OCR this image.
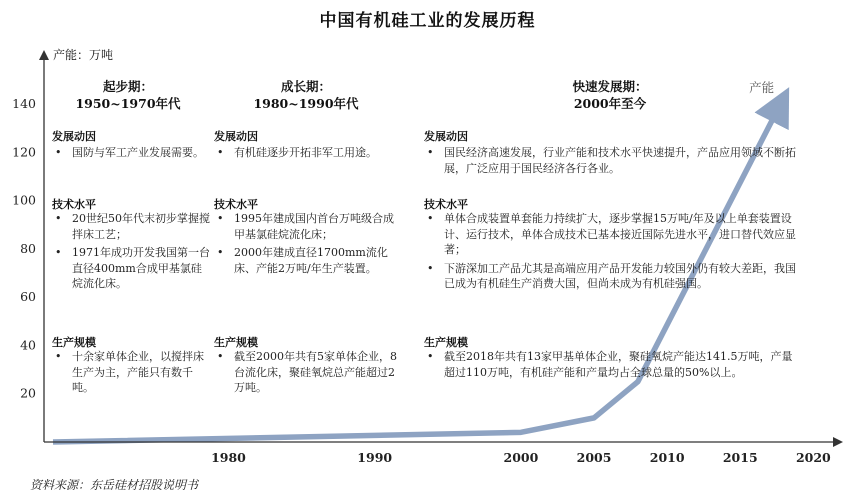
中国有机硅工业的发展历程
产能
20
40
60
80
100
120
140
1980	1990	2000	2005	2010	2015	2020
产能：万吨
起步期：
1950~1970年代
发展动因
• 国防与军工产业发展需要。
技术水平
• 20世纪50年代末初步掌握搅拌床工艺；
• 1971年成功开发我国第一台直径400mm合成甲基氯硅烷流化床。
生产规模
• 十余家单体企业，以搅拌床生产为主，产能只有数千吨。
成长期：
1980~1990年代
发展动因
• 有机硅逐步开拓非军工用途。
技术水平
• 1995年建成国内首台万吨级合成甲基氯硅烷流化床；
• 2000年建成直径1700mm流化床、产能2万吨/年生产装置。
生产规模
• 截至2000年共有5家单体企业，8台流化床，聚硅氧烷总产能超过2万吨。
快速发展期：
2000年至今
发展动因
• 国民经济高速发展，行业产能和技术水平快速提升，产品应用领域不断拓展，广泛应用于国民经济各行各业。
技术水平
• 单体合成装置单套能力持续扩大，逐步掌握15万吨/年及以上单套装置设计、运行技术，单体合成技术已基本接近国际先进水平，进口替代效应显著；
• 下游深加工产品尤其是高端应用产品开发能力较国外仍有较大差距，我国已成为有机硅生产消费大国，但尚未成为有机硅强国。
生产规模
• 截至2018年共有13家甲基单体企业，聚硅氧烷产能达141.5万吨，产量超过110万吨，有机硅产能和产量均占全球总量的50%以上。
资料来源：东岳硅材招股说明书
